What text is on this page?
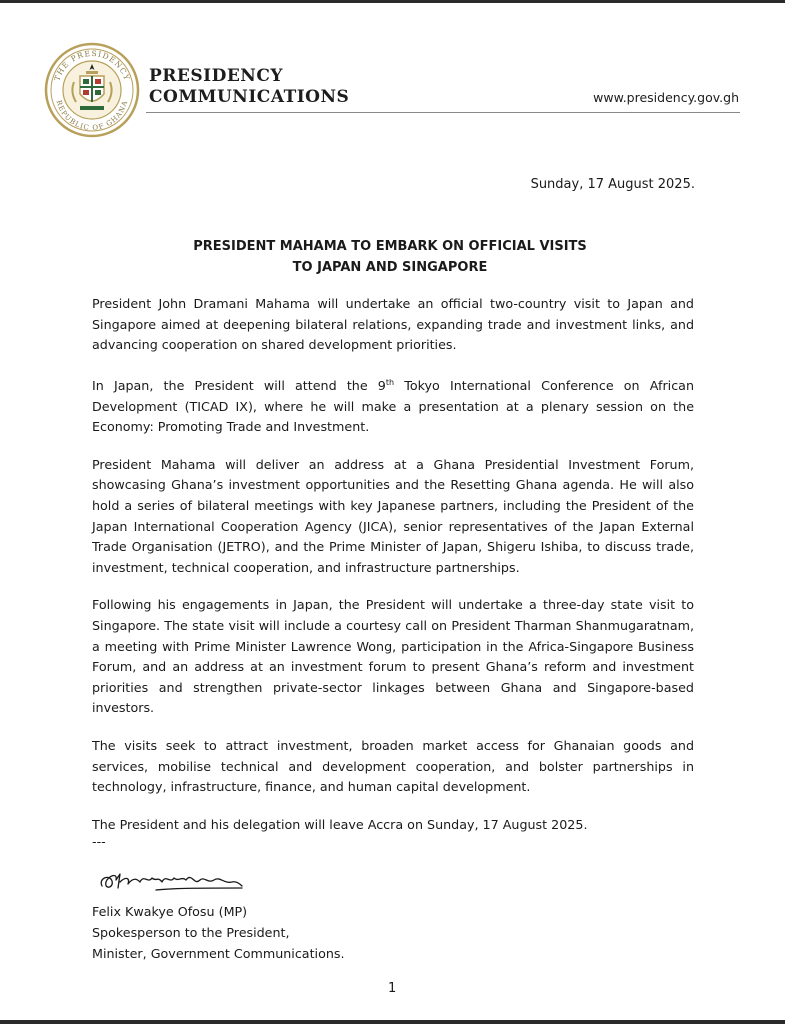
THE PRESIDENCY
REPUBLIC OF GHANA
PRESIDENCY
COMMUNICATIONS	www.presidency.gov.gh
Sunday, 17 August 2025.
PRESIDENT MAHAMA TO EMBARK ON OFFICIAL VISITS
TO JAPAN AND SINGAPORE

President John Dramani Mahama will undertake an official two-country visit to Japan and Singapore aimed at deepening bilateral relations, expanding trade and investment links, and advancing cooperation on shared development priorities.

In Japan, the President will attend the 9th Tokyo International Conference on African Development (TICAD IX), where he will make a presentation at a plenary session on the Economy: Promoting Trade and Investment.

President Mahama will deliver an address at a Ghana Presidential Investment Forum, showcasing Ghana’s investment opportunities and the Resetting Ghana agenda. He will also hold a series of bilateral meetings with key Japanese partners, including the President of the Japan International Cooperation Agency (JICA), senior representatives of the Japan External Trade Organisation (JETRO), and the Prime Minister of Japan, Shigeru Ishiba, to discuss trade, investment, technical cooperation, and infrastructure partnerships.

Following his engagements in Japan, the President will undertake a three-day state visit to Singapore. The state visit will include a courtesy call on President Tharman Shanmugaratnam, a meeting with Prime Minister Lawrence Wong, participation in the Africa-Singapore Business Forum, and an address at an investment forum to present Ghana’s reform and investment priorities and strengthen private-sector linkages between Ghana and Singapore-based investors.

The visits seek to attract investment, broaden market access for Ghanaian goods and services, mobilise technical and development cooperation, and bolster partnerships in technology, infrastructure, finance, and human capital development.

The President and his delegation will leave Accra on Sunday, 17 August 2025.

---
Felix Kwakye Ofosu (MP)
Spokesperson to the President,
Minister, Government Communications.
1
